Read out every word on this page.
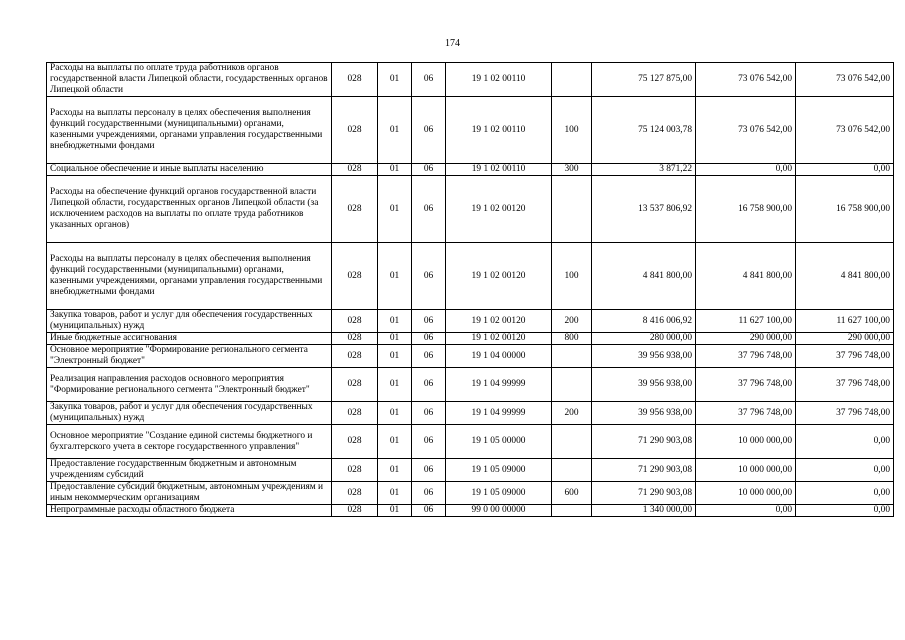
174
Расходы на выплаты по оплате труда работников органов государственной власти Липецкой области, государственных органов Липецкой области	028	01	06	19 1 02 00110		75 127 875,00	73 076 542,00	73 076 542,00
Расходы на выплаты персоналу в целях обеспечения выполнения функций государственными (муниципальными) органами, казенными учреждениями, органами управления государственными внебюджетными фондами	028	01	06	19 1 02 00110	100	75 124 003,78	73 076 542,00	73 076 542,00
Социальное обеспечение и иные выплаты населению	028	01	06	19 1 02 00110	300	3 871,22	0,00	0,00
Расходы на обеспечение функций органов государственной власти Липецкой области, государственных органов Липецкой области (за исключением расходов на выплаты по оплате труда работников указанных органов)	028	01	06	19 1 02 00120		13 537 806,92	16 758 900,00	16 758 900,00
Расходы на выплаты персоналу в целях обеспечения выполнения функций государственными (муниципальными) органами, казенными учреждениями, органами управления государственными внебюджетными фондами	028	01	06	19 1 02 00120	100	4 841 800,00	4 841 800,00	4 841 800,00
Закупка товаров, работ и услуг для обеспечения государственных (муниципальных) нужд	028	01	06	19 1 02 00120	200	8 416 006,92	11 627 100,00	11 627 100,00
Иные бюджетные ассигнования	028	01	06	19 1 02 00120	800	280 000,00	290 000,00	290 000,00
Основное мероприятие "Формирование регионального сегмента "Электронный бюджет"	028	01	06	19 1 04 00000		39 956 938,00	37 796 748,00	37 796 748,00
Реализация направления расходов основного мероприятия "Формирование регионального сегмента "Электронный бюджет"	028	01	06	19 1 04 99999		39 956 938,00	37 796 748,00	37 796 748,00
Закупка товаров, работ и услуг для обеспечения государственных (муниципальных) нужд	028	01	06	19 1 04 99999	200	39 956 938,00	37 796 748,00	37 796 748,00
Основное мероприятие "Создание единой системы бюджетного и бухгалтерского учета в секторе государственного управления"	028	01	06	19 1 05 00000		71 290 903,08	10 000 000,00	0,00
Предоставление государственным бюджетным и автономным учреждениям субсидий	028	01	06	19 1 05 09000		71 290 903,08	10 000 000,00	0,00
Предоставление субсидий бюджетным, автономным учреждениям и иным некоммерческим организациям	028	01	06	19 1 05 09000	600	71 290 903,08	10 000 000,00	0,00
Непрограммные расходы областного бюджета	028	01	06	99 0 00 00000		1 340 000,00	0,00	0,00
